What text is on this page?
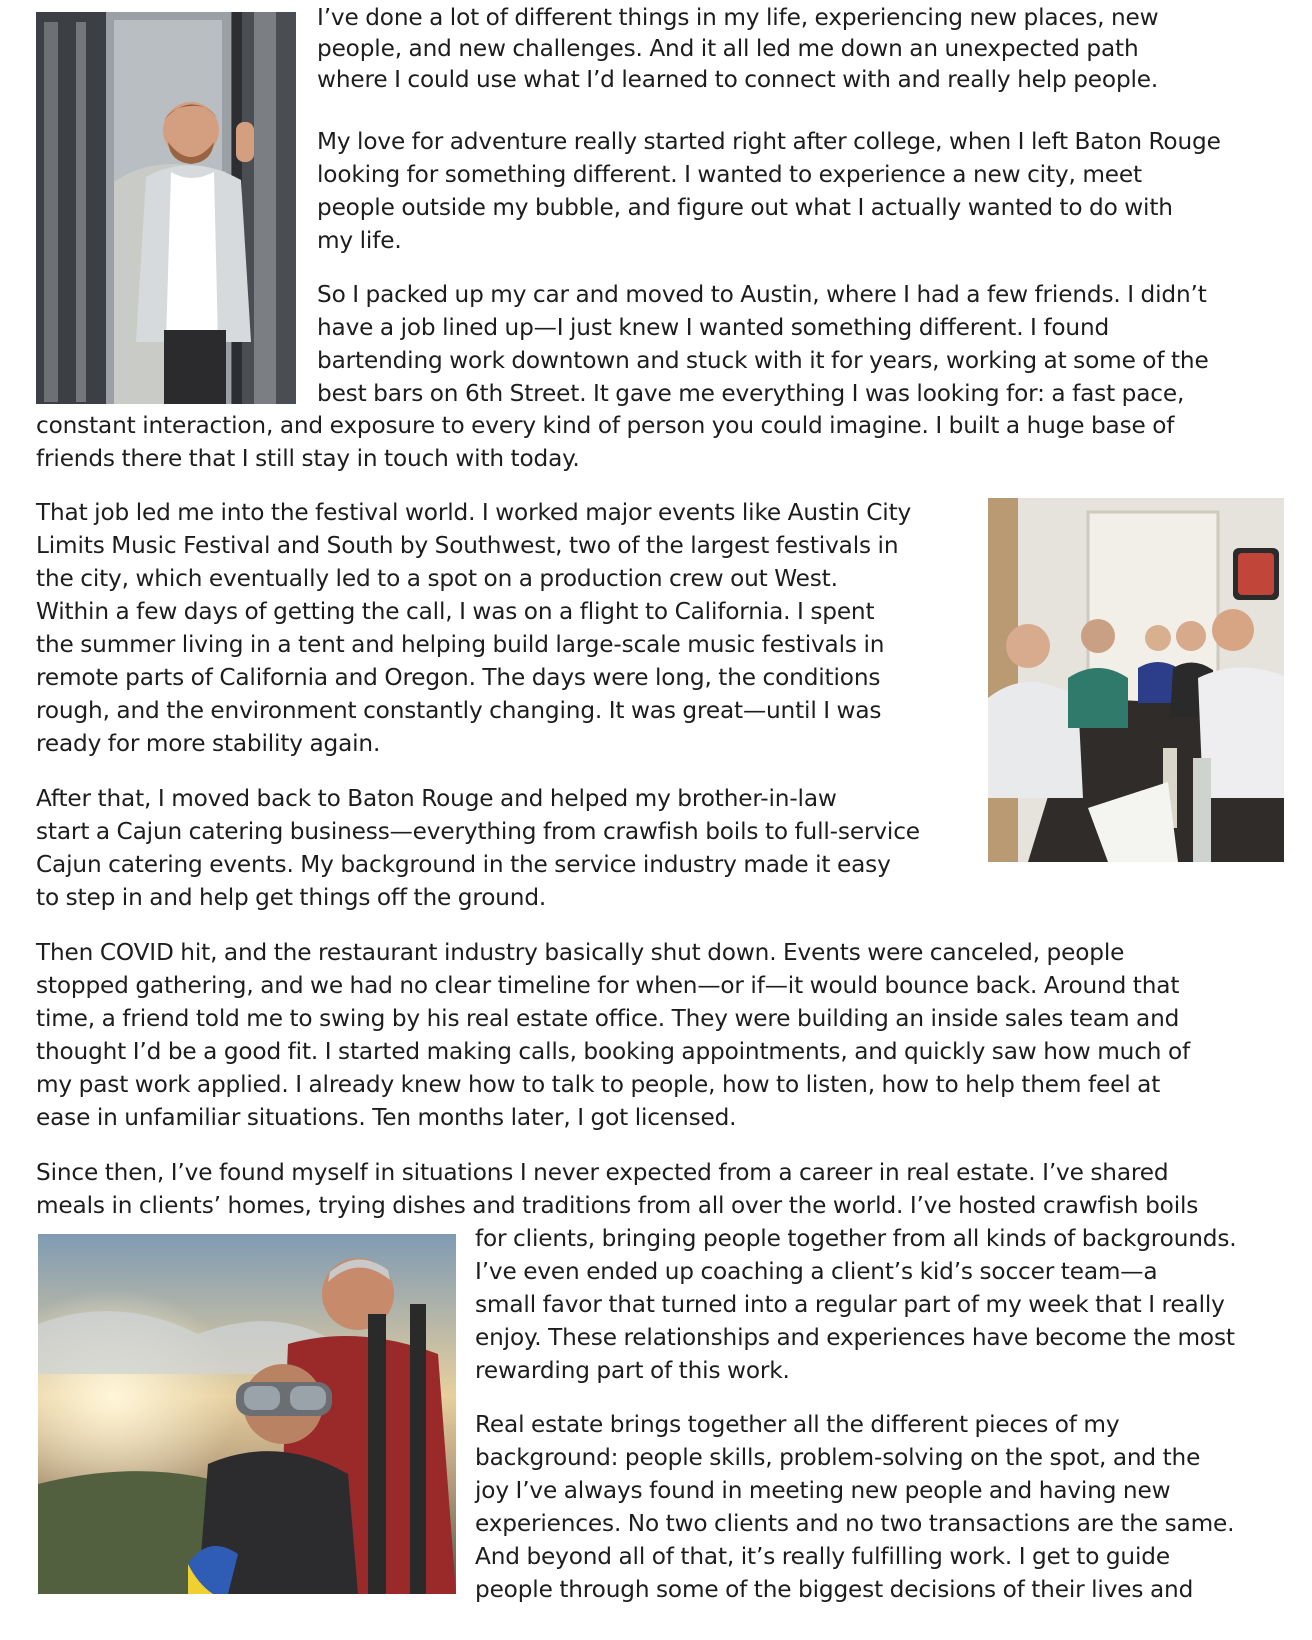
I’ve done a lot of different things in my life, experiencing new places, new
people, and new challenges. And it all led me down an unexpected path
where I could use what I’d learned to connect with and really help people.
My love for adventure really started right after college, when I left Baton Rouge
looking for something different. I wanted to experience a new city, meet
people outside my bubble, and figure out what I actually wanted to do with
my life.
So I packed up my car and moved to Austin, where I had a few friends. I didn’t
have a job lined up—I just knew I wanted something different. I found
bartending work downtown and stuck with it for years, working at some of the
best bars on 6th Street. It gave me everything I was looking for: a fast pace,
constant interaction, and exposure to every kind of person you could imagine. I built a huge base of
friends there that I still stay in touch with today.
That job led me into the festival world. I worked major events like Austin City
Limits Music Festival and South by Southwest, two of the largest festivals in
the city, which eventually led to a spot on a production crew out West.
Within a few days of getting the call, I was on a flight to California. I spent
the summer living in a tent and helping build large-scale music festivals in
remote parts of California and Oregon. The days were long, the conditions
rough, and the environment constantly changing. It was great—until I was
ready for more stability again.
After that, I moved back to Baton Rouge and helped my brother-in-law
start a Cajun catering business—everything from crawfish boils to full-service
Cajun catering events. My background in the service industry made it easy
to step in and help get things off the ground.
Then COVID hit, and the restaurant industry basically shut down. Events were canceled, people
stopped gathering, and we had no clear timeline for when—or if—it would bounce back. Around that
time, a friend told me to swing by his real estate office. They were building an inside sales team and
thought I’d be a good fit. I started making calls, booking appointments, and quickly saw how much of
my past work applied. I already knew how to talk to people, how to listen, how to help them feel at
ease in unfamiliar situations. Ten months later, I got licensed.
Since then, I’ve found myself in situations I never expected from a career in real estate. I’ve shared
meals in clients’ homes, trying dishes and traditions from all over the world. I’ve hosted crawfish boils
for clients, bringing people together from all kinds of backgrounds.
I’ve even ended up coaching a client’s kid’s soccer team—a
small favor that turned into a regular part of my week that I really
enjoy. These relationships and experiences have become the most
rewarding part of this work.
Real estate brings together all the different pieces of my
background: people skills, problem-solving on the spot, and the
joy I’ve always found in meeting new people and having new
experiences. No two clients and no two transactions are the same.
And beyond all of that, it’s really fulfilling work. I get to guide
people through some of the biggest decisions of their lives and
